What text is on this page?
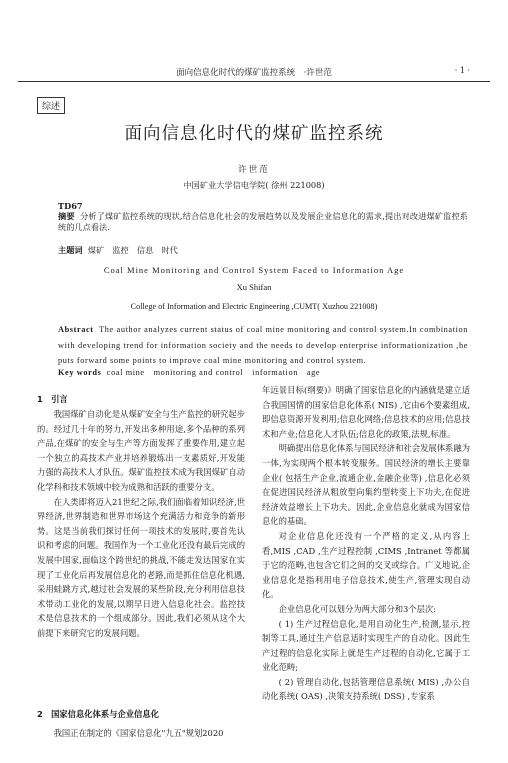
面向信息化时代的煤矿监控系统　·许世范	· 1 ·
综述
面向信息化时代的煤矿监控系统
许世范
中国矿业大学信电学院( 徐州 221008)
TD67
摘要 分析了煤矿监控系统的现状,结合信息化社会的发展趋势以及发展企业信息化的需求,提出对改进煤矿监控系统的几点看法.
主题词 煤矿　监控　信息　时代
Coal Mine Monitoring and Control System Faced to Information Age
Xu Shifan
College of Information and Electric Engineering ,CUMT( Xuzhou 221008)
Abstract The author analyzes current status of coal mine monitoring and control system.In combination with developing trend for information society and the needs to develop enterprise informationization ,he puts forward some points to improve coal mine monitoring and control system.
Key words coal mine　monitoring and control　information　age
1　引言

我国煤矿自动化是从煤矿安全与生产监控的研究起步的。经过几十年的努力,开发出多种用途,多个品种的系列产品,在煤矿的安全与生产等方面发挥了重要作用,建立起一个独立的高技术产业并培养锻炼出一支素质好,开发能力强的高技术人才队伍。煤矿监控技术成为我国煤矿自动化学科和技术领域中较为成熟和活跃的重要分支。

在人类即将迈入21世纪之际,我们面临着知识经济,世界经济,世界制造和世界市场这个充满活力和竞争的新形势。这是当前我们探讨任何一项技术的发展时,要首先认识和考虑的问题。我国作为一个工业化还没有最后完成的发展中国家,面临这个跨世纪的挑战,不能走发达国家在实现了工业化后再发展信息化的老路,而是抓住信息化机遇,采用蛙跳方式,越过社会发展的某些阶段,充分利用信息技术带动工业化的发展,以期早日进入信息化社会。监控技术是信息技术的一个组成部分。因此,我们必须从这个大前提下来研究它的发展问题。

2　国家信息化体系与企业信息化

我国正在制定的《国家信息化"九五"规划2020

年远景目标(纲要)》明确了国家信息化的内涵就是建立适合我国国情的国家信息化体系( NIS) ,它由6个要素组成,即信息资源开发利用;信息化网络;信息技术的应用;信息技术和产业;信息化人才队伍;信息化的政策,法规,标准。

明确提出信息化体系与国民经济和社会发展体系融为一体,为实现两个根本转变服务。国民经济的增长主要靠企业( 包括生产企业,流通企业,金融企业等) ,信息化必须在促进国民经济从粗放型向集约型转变上下功夫,在促进经济效益增长上下功夫。因此,企业信息化就成为国家信息化的基础。

对企业信息化还没有一个严格的定义,从内容上看,MIS ,CAD ,生产过程控制 ,CIMS ,Intranet 等都属于它的范畴,也包含它们之间的交叉或综合。广义地说,企业信息化是指利用电子信息技术,使生产,管理实现自动化。

企业信息化可以划分为两大部分和3个层次:

( 1) 生产过程信息化,是用自动化生产,检测,显示,控制等工具,通过生产信息适时实现生产的自动化。因此生产过程的信息化实际上就是生产过程的自动化,它属于工业化范畴;

( 2) 管理自动化,包括管理信息系统( MIS) ,办公自动化系统( OAS) ,决策支持系统( DSS) ,专家系
